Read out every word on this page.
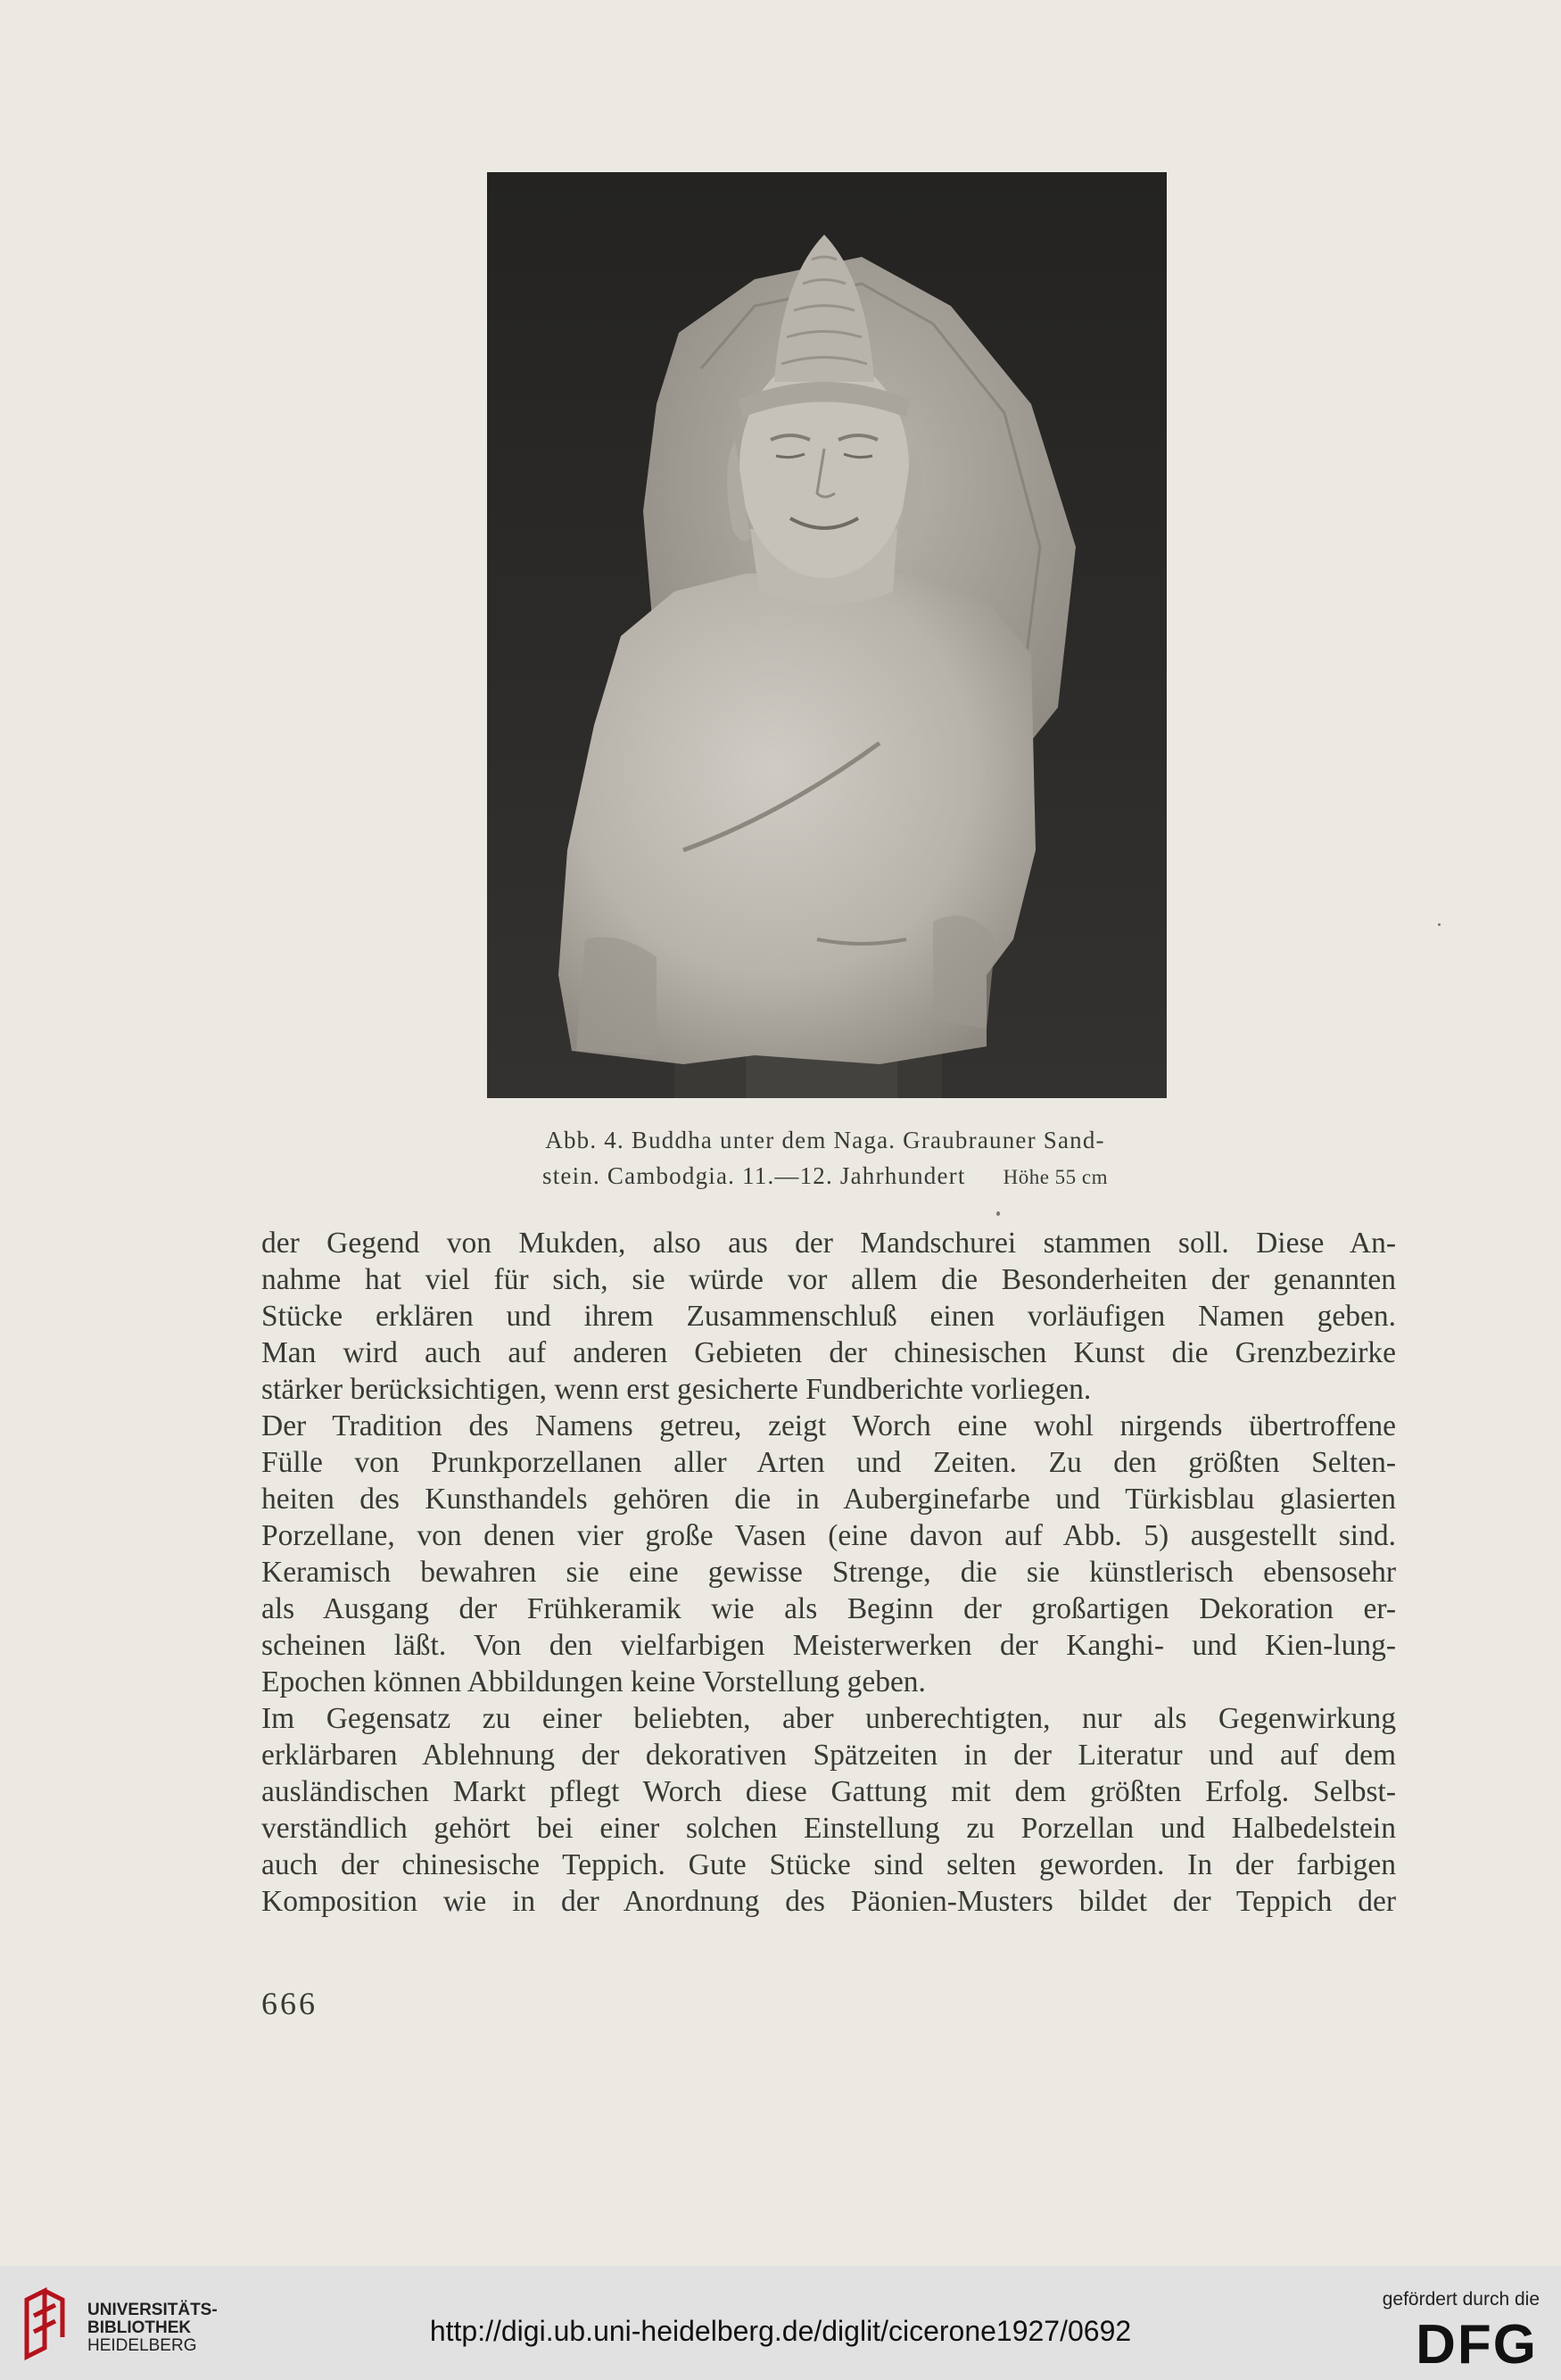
Abb. 4. Buddha unter dem Naga. Graubrauner Sand-
stein. Cambodgia. 11.—12. Jahrhundert Höhe 55 cm
der Gegend von Mukden, also aus der Mandschurei stammen soll. Diese An-
nahme hat viel für sich, sie würde vor allem die Besonderheiten der genannten
Stücke erklären und ihrem Zusammenschluß einen vorläufigen Namen geben.
Man wird auch auf anderen Gebieten der chinesischen Kunst die Grenzbezirke
stärker berücksichtigen, wenn erst gesicherte Fundberichte vorliegen.
Der Tradition des Namens getreu, zeigt Worch eine wohl nirgends übertroffene
Fülle von Prunkporzellanen aller Arten und Zeiten. Zu den größten Selten-
heiten des Kunsthandels gehören die in Auberginefarbe und Türkisblau glasierten
Porzellane, von denen vier große Vasen (eine davon auf Abb. 5) ausgestellt sind.
Keramisch bewahren sie eine gewisse Strenge, die sie künstlerisch ebensosehr
als Ausgang der Frühkeramik wie als Beginn der großartigen Dekoration er-
scheinen läßt. Von den vielfarbigen Meisterwerken der Kanghi- und Kien-lung-
Epochen können Abbildungen keine Vorstellung geben.
Im Gegensatz zu einer beliebten, aber unberechtigten, nur als Gegenwirkung
erklärbaren Ablehnung der dekorativen Spätzeiten in der Literatur und auf dem
ausländischen Markt pflegt Worch diese Gattung mit dem größten Erfolg. Selbst-
verständlich gehört bei einer solchen Einstellung zu Porzellan und Halbedelstein
auch der chinesische Teppich. Gute Stücke sind selten geworden. In der farbigen
Komposition wie in der Anordnung des Päonien-Musters bildet der Teppich der
666
UNIVERSITÄTS-
BIBLIOTHEK
HEIDELBERG	http://digi.ub.uni-heidelberg.de/diglit/cicerone1927/0692
gefördert durch die
DFG
